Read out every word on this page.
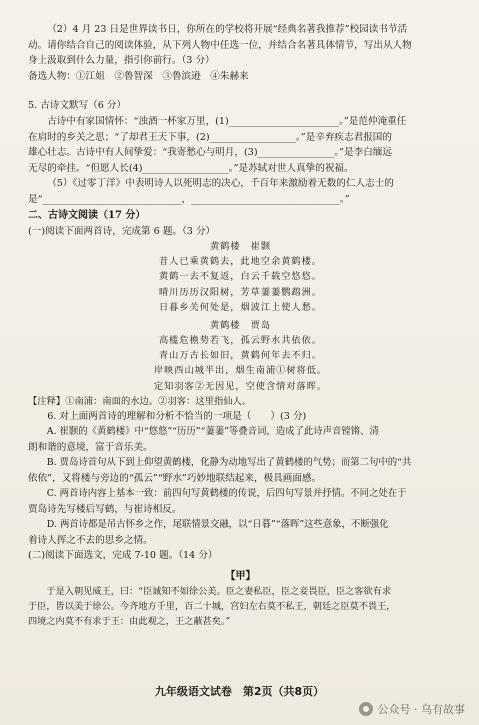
（2）4 月 23 日是世界读书日，你所在的学校将开展“经典名著我推荐”校园读书节活

动。请你结合自己的阅读体验，从下列人物中任选一位，并结合名著具体情节，写出从人物

身上汲取到什么力量，指引你前行。（3 分）

备选人物：①江姐　②鲁智深　③鲁滨逊　④朱赫来

5. 古诗文默写（6 分）

古诗中有家国情怀：“浊酒一杯家万里，(1)_______________________。”是范仲淹重任

在肩时的乡关之思；“了却君王天下事，(2)__________________。”是辛弃疾志君报国的

雄心壮志。古诗中有人间挚爱：“我寄愁心与明月，(3)________________。”是李白缅远

无尽的牵挂。“但愿人长(4)__________________。”是苏轼对世人真挚的祝福。

（5）《过零丁洋》中表明诗人以死明志的决心，千百年来激励着无数的仁人志士的

是“_____________________________，_______________________________。”

二、古诗文阅读（17 分）

(一)阅读下面两首诗，完成第 6 题。（3 分）

黄鹤楼　崔颢

昔人已乘黄鹤去，此地空余黄鹤楼。

黄鹤一去不复返，白云千载空悠悠。

晴川历历汉阳树，芳草萋萋鹦鹉洲。

日暮乡关何处是，烟波江上使人愁。

黄鹤楼　贾岛

高槛危檐势若飞，孤云野水共依依。

青山万古长如旧，黄鹤何年去不归。

岸映西山城半出，烟生南浦①树将低。

定知羽客②无因见，空使含情对落晖。

【注释】①南浦：南面的水边。②羽客：这里指仙人。

6. 对上面两首诗的理解和分析不恰当的一项是（　　）(3 分)

A. 崔颢的《黄鹤楼》中“悠悠”“历历”“萋萋”等叠音词，造成了此诗声音镗锵、清

朗和谐的意境，富于音乐美。

B. 贾岛诗首句从下到上仰望黄鹤楼，化静为动地写出了黄鹤楼的气势；而第二句中的“共

依依”，又将楼与旁边的“孤云”“野水”巧妙地联结起来，极具画面感。

C. 两首诗内容上基本一致：前四句写黄鹤楼的传说，后四句写景并抒情。不同之处在于

贾岛诗先写楼后写鹤，与崔诗相反。

D. 两首诗都是吊古怀乡之作，尾联情景交融，以“日暮”“落晖”这些意象，不断强化

着诗人挥之不去的思乡之情。

(二)阅读下面选文，完成 7-10 题。（14 分）

【甲】

于是入朝见威王，曰：“臣诚知不如徐公美。臣之妻私臣，臣之妾畏臣，臣之客欲有求

于臣，皆以美于徐公。今齐地方千里，百二十城，宫妇左右莫不私王，朝廷之臣莫不畏王，

四境之内莫不有求于王：由此观之，王之蔽甚矣。”

九年级语文试卷　第2页（共8页）
公众号 · 乌有故事
